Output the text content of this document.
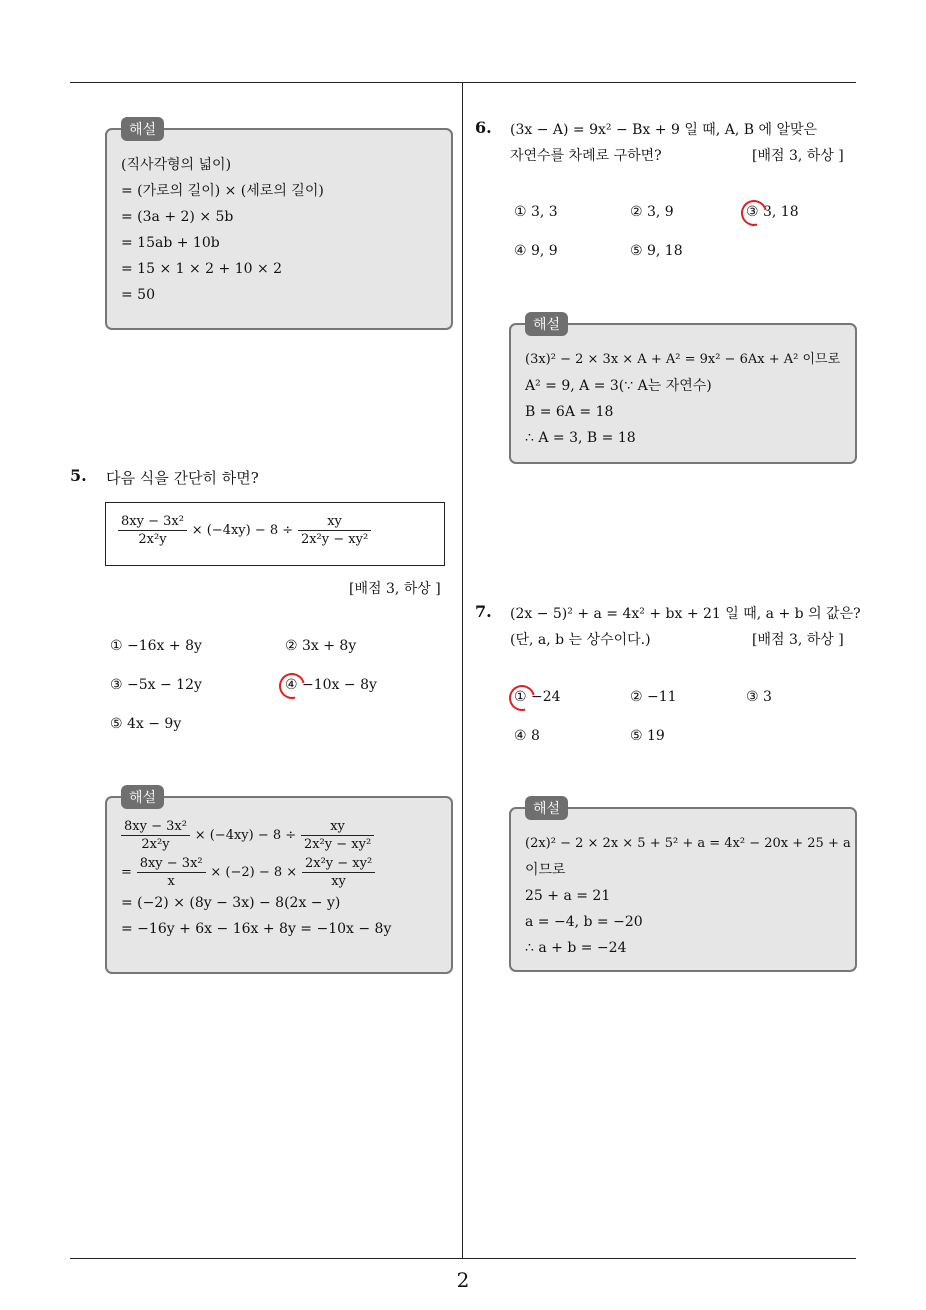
해설
(직사각형의 넓이)
= (가로의 길이) × (세로의 길이)
= (3a + 2) × 5b
= 15ab + 10b
= 15 × 1 × 2 + 10 × 2
= 50
5. 다음 식을 간단히 하면?
$\frac{\text{8xy − 3x²}}{\text{2x²y}} \times (-4xy) - 8 \div \frac{xy}{\text{2x²y − xy²}}$
[배점 3, 하상 ]
① −16x + 8y	② 3x + 8y
③ −5x − 12y	④ −10x − 8y
⑤ 4x − 9y
해설
$\frac{\text{8xy − 3x²}}{\text{2x²y}} \times (-4xy) - 8 \div \frac{xy}{\text{2x²y − xy²}}$
= $\frac{\text{8xy − 3x²}}{x} \times (-2) - 8 \times \frac{\text{2x²y − xy²}}{xy}$
= (−2) × (8y − 3x) − 8(2x − y)
= −16y + 6x − 16x + 8y = −10x − 8y
6. (3x − A) = 9x² − Bx + 9 일 때, A, B 에 알맞은
자연수를 차례로 구하면?	[배점 3, 하상 ]
① 3, 3	② 3, 9	③ 3, 18
④ 9, 9	⑤ 9, 18
해설
(3x)² − 2 × 3x × A + A² = 9x² − 6Ax + A² 이므로
A² = 9, A = 3(∵ A는 자연수)
B = 6A = 18
∴ A = 3, B = 18
7. (2x − 5)² + a = 4x² + bx + 21 일 때, a + b 의 값은?
(단, a, b 는 상수이다.)	[배점 3, 하상 ]
① −24	② −11	③ 3
④ 8	⑤ 19
해설
(2x)² − 2 × 2x × 5 + 5² + a = 4x² − 20x + 25 + a
이므로
25 + a = 21
a = −4, b = −20
∴ a + b = −24
2
